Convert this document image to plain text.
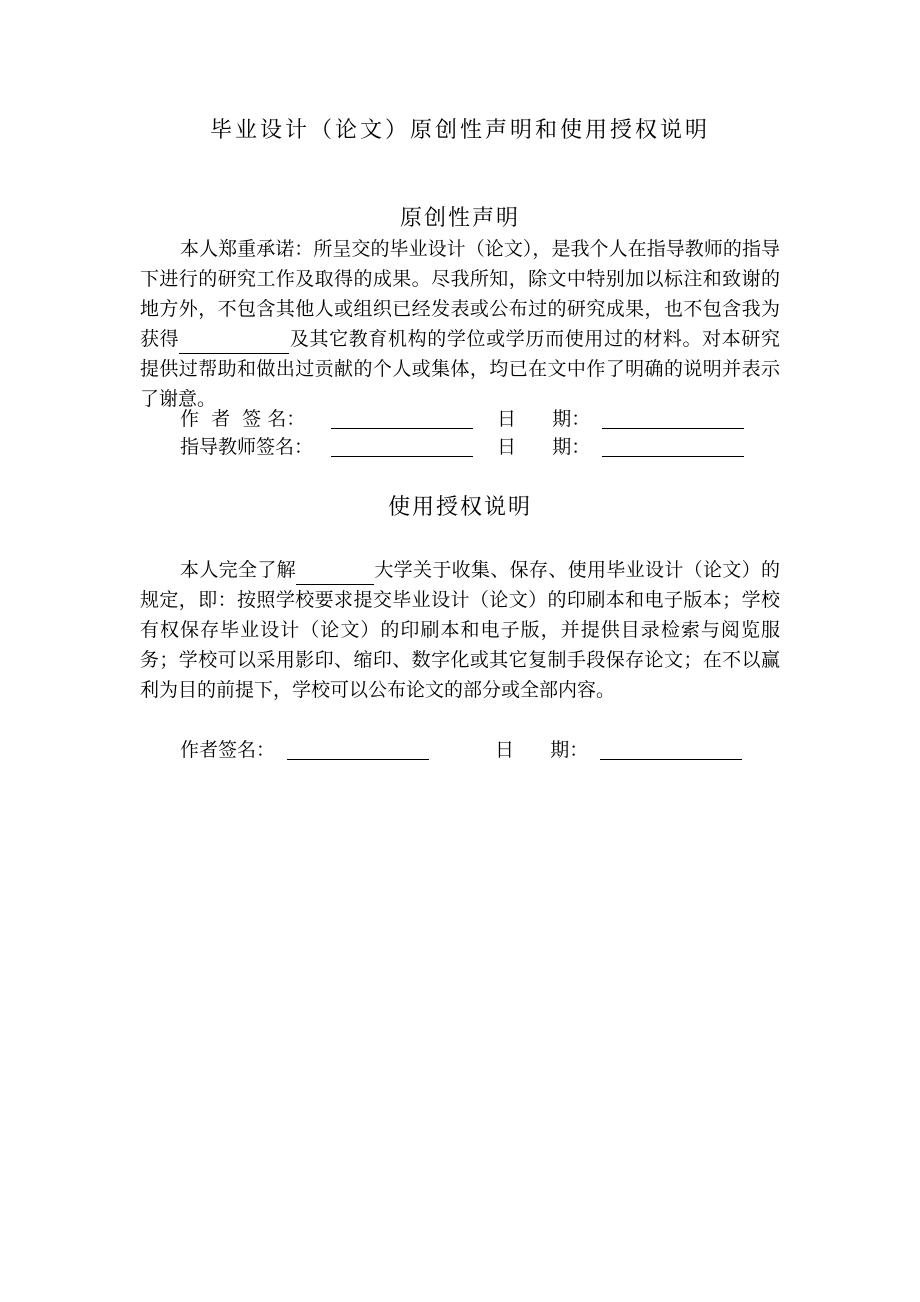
毕业设计（论文）原创性声明和使用授权说明
原创性声明
本人郑重承诺：所呈交的毕业设计（论文），是我个人在指导教师的指导下进行的研究工作及取得的成果。尽我所知，除文中特别加以标注和致谢的地方外，不包含其他人或组织已经发表或公布过的研究成果，也不包含我为获得	及其它教育机构的学位或学历而使用过的材料。对本研究提供过帮助和做出过贡献的个人或集体，均已在文中作了明确的说明并表示了谢意。
作  者  签 名：	日      期：
指导教师签名：	日      期：
使用授权说明
本人完全了解	大学关于收集、保存、使用毕业设计（论文）的规定，即：按照学校要求提交毕业设计（论文）的印刷本和电子版本；学校有权保存毕业设计（论文）的印刷本和电子版，并提供目录检索与阅览服务；学校可以采用影印、缩印、数字化或其它复制手段保存论文；在不以赢利为目的前提下，学校可以公布论文的部分或全部内容。
作者签名：	日      期：
